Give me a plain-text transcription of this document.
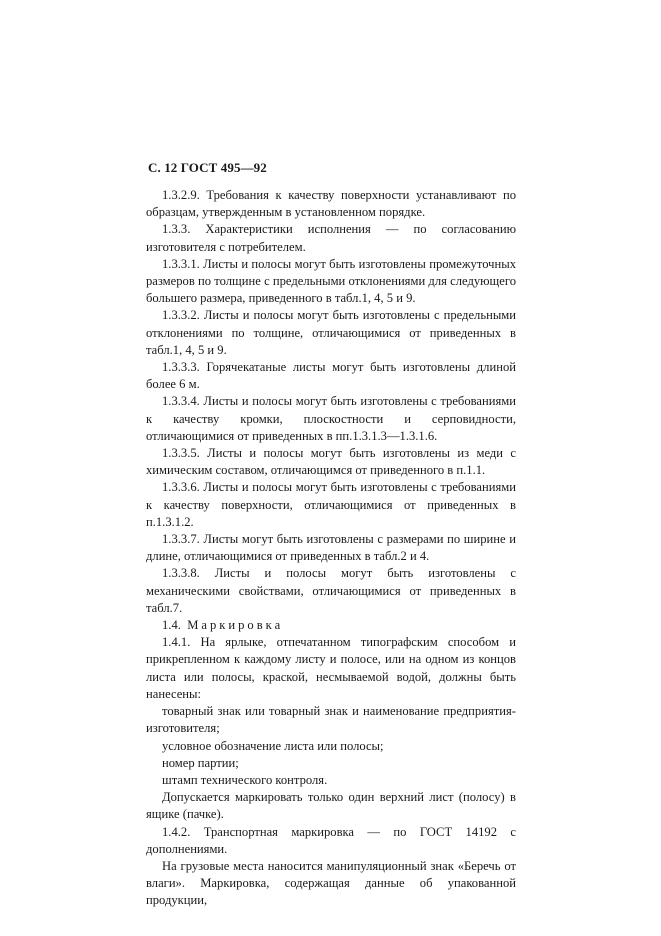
С. 12 ГОСТ 495—92

1.3.2.9. Требования к качеству поверхности устанавливают по образцам, утвержденным в установленном порядке.

1.3.3. Характеристики исполнения — по согласованию изготовителя с потребителем.

1.3.3.1. Листы и полосы могут быть изготовлены промежуточных размеров по толщине с предельными отклонениями для следующего большего размера, приведенного в табл.1, 4, 5 и 9.

1.3.3.2. Листы и полосы могут быть изготовлены с предельными отклонениями по толщине, отличающимися от приведенных в табл.1, 4, 5 и 9.

1.3.3.3. Горячекатаные листы могут быть изготовлены длиной более 6 м.

1.3.3.4. Листы и полосы могут быть изготовлены с требованиями к качеству кромки, плоскостности и серповидности, отличающимися от приведенных в пп.1.3.1.3—1.3.1.6.

1.3.3.5. Листы и полосы могут быть изготовлены из меди с химическим составом, отличающимся от приведенного в п.1.1.

1.3.3.6. Листы и полосы могут быть изготовлены с требованиями к качеству поверхности, отличающимися от приведенных в п.1.3.1.2.

1.3.3.7. Листы могут быть изготовлены с размерами по ширине и длине, отличающимися от приведенных в табл.2 и 4.

1.3.3.8. Листы и полосы могут быть изготовлены с механическими свойствами, отличающимися от приведенных в табл.7.

1.4. Маркировка

1.4.1. На ярлыке, отпечатанном типографским способом и прикрепленном к каждому листу и полосе, или на одном из концов листа или полосы, краской, несмываемой водой, должны быть нанесены:

товарный знак или товарный знак и наименование предприятия-изготовителя;

условное обозначение листа или полосы;

номер партии;

штамп технического контроля.

Допускается маркировать только один верхний лист (полосу) в ящике (пачке).

1.4.2. Транспортная маркировка — по ГОСТ 14192 с дополнениями.

На грузовые места наносится манипуляционный знак «Беречь от влаги». Маркировка, содержащая данные об упакованной продукции,
